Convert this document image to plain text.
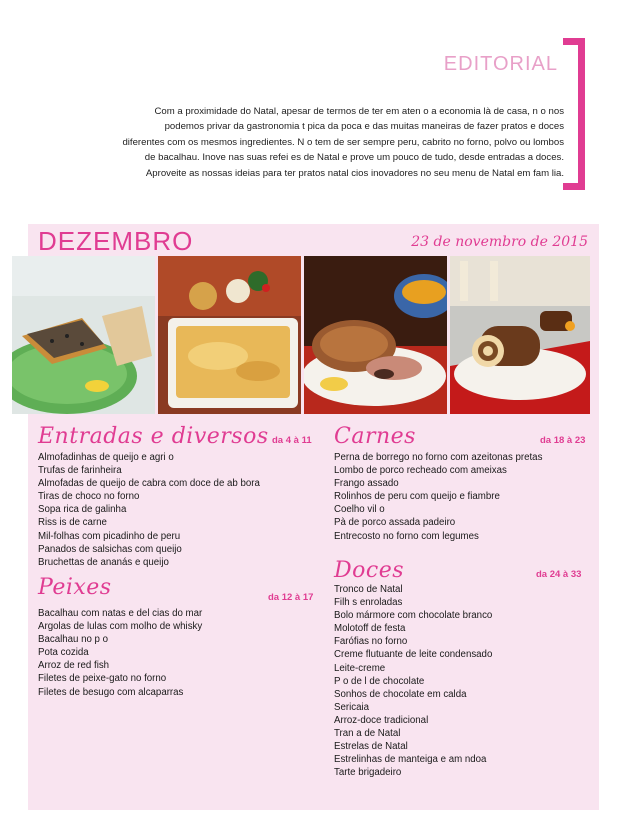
EDITORIAL
Com a proximidade do Natal, apesar de termos de ter em aten o a economia là de casa, n o nos
podemos privar da gastronomia t pica da poca e das muitas maneiras de fazer pratos e doces
diferentes com os mesmos ingredientes. N o tem de ser sempre peru, cabrito no forno, polvo ou lombos
de bacalhau. Inove nas suas refei es de Natal e prove um pouco de tudo, desde entradas a doces.
Aproveite as nossas ideias para ter pratos natal cios inovadores no seu menu de Natal em fam lia.
DEZEMBRO	23 de novembro de 2015
Entradas e diversos da 4 à 11
Almofadinhas de queijo e agri o
Trufas de farinheira
Almofadas de queijo de cabra com doce de ab bora
Tiras de choco no forno
Sopa rica de galinha
Riss is de carne
Mil-folhas com picadinho de peru
Panados de salsichas com queijo
Bruchettas de ananás e queijo
Peixes	da 12 à 17
Bacalhau com natas e del cias do mar
Argolas de lulas com molho de whisky
Bacalhau no p o
Pota cozida
Arroz de red fish
Filetes de peixe-gato no forno
Filetes de besugo com alcaparras
Carnes	da 18 à 23
Perna de borrego no forno com azeitonas pretas
Lombo de porco recheado com ameixas
Frango assado
Rolinhos de peru com queijo e fiambre
Coelho vil o
Pà de porco assada padeiro
Entrecosto no forno com legumes
Doces	da 24 à 33
Tronco de Natal
Filh s enroladas
Bolo mármore com chocolate branco
Molotoff de festa
Farófias no forno
Creme flutuante de leite condensado
Leite-creme
P o de l de chocolate
Sonhos de chocolate em calda
Sericaia
Arroz-doce tradicional
Tran a de Natal
Estrelas de Natal
Estrelinhas de manteiga e am ndoa
Tarte brigadeiro
